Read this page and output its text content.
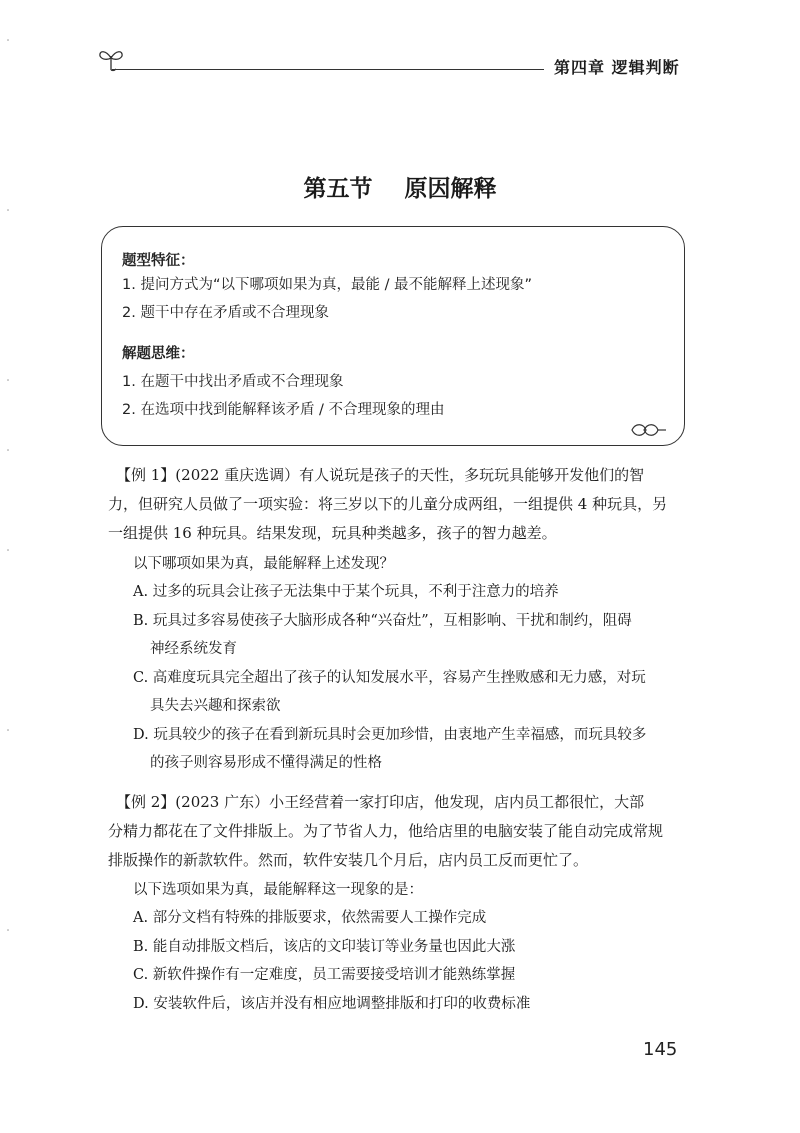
第四章 逻辑判断
第五节    原因解释
题型特征：
1. 提问方式为“以下哪项如果为真，最能 / 最不能解释上述现象”
2. 题干中存在矛盾或不合理现象
解题思维：
1. 在题干中找出矛盾或不合理现象
2. 在选项中找到能解释该矛盾 / 不合理现象的理由
【例 1】(2022 重庆选调）有人说玩是孩子的天性，多玩玩具能够开发他们的智
力，但研究人员做了一项实验：将三岁以下的儿童分成两组，一组提供 4 种玩具，另
一组提供 16 种玩具。结果发现，玩具种类越多，孩子的智力越差。
以下哪项如果为真，最能解释上述发现？
A. 过多的玩具会让孩子无法集中于某个玩具，不利于注意力的培养
B. 玩具过多容易使孩子大脑形成各种“兴奋灶”，互相影响、干扰和制约，阻碍
神经系统发育
C. 高难度玩具完全超出了孩子的认知发展水平，容易产生挫败感和无力感，对玩
具失去兴趣和探索欲
D. 玩具较少的孩子在看到新玩具时会更加珍惜，由衷地产生幸福感，而玩具较多
的孩子则容易形成不懂得满足的性格
【例 2】(2023 广东）小王经营着一家打印店，他发现，店内员工都很忙，大部
分精力都花在了文件排版上。为了节省人力，他给店里的电脑安装了能自动完成常规
排版操作的新款软件。然而，软件安装几个月后，店内员工反而更忙了。
以下选项如果为真，最能解释这一现象的是：
A. 部分文档有特殊的排版要求，依然需要人工操作完成
B. 能自动排版文档后，该店的文印装订等业务量也因此大涨
C. 新软件操作有一定难度，员工需要接受培训才能熟练掌握
D. 安装软件后，该店并没有相应地调整排版和打印的收费标准
145
